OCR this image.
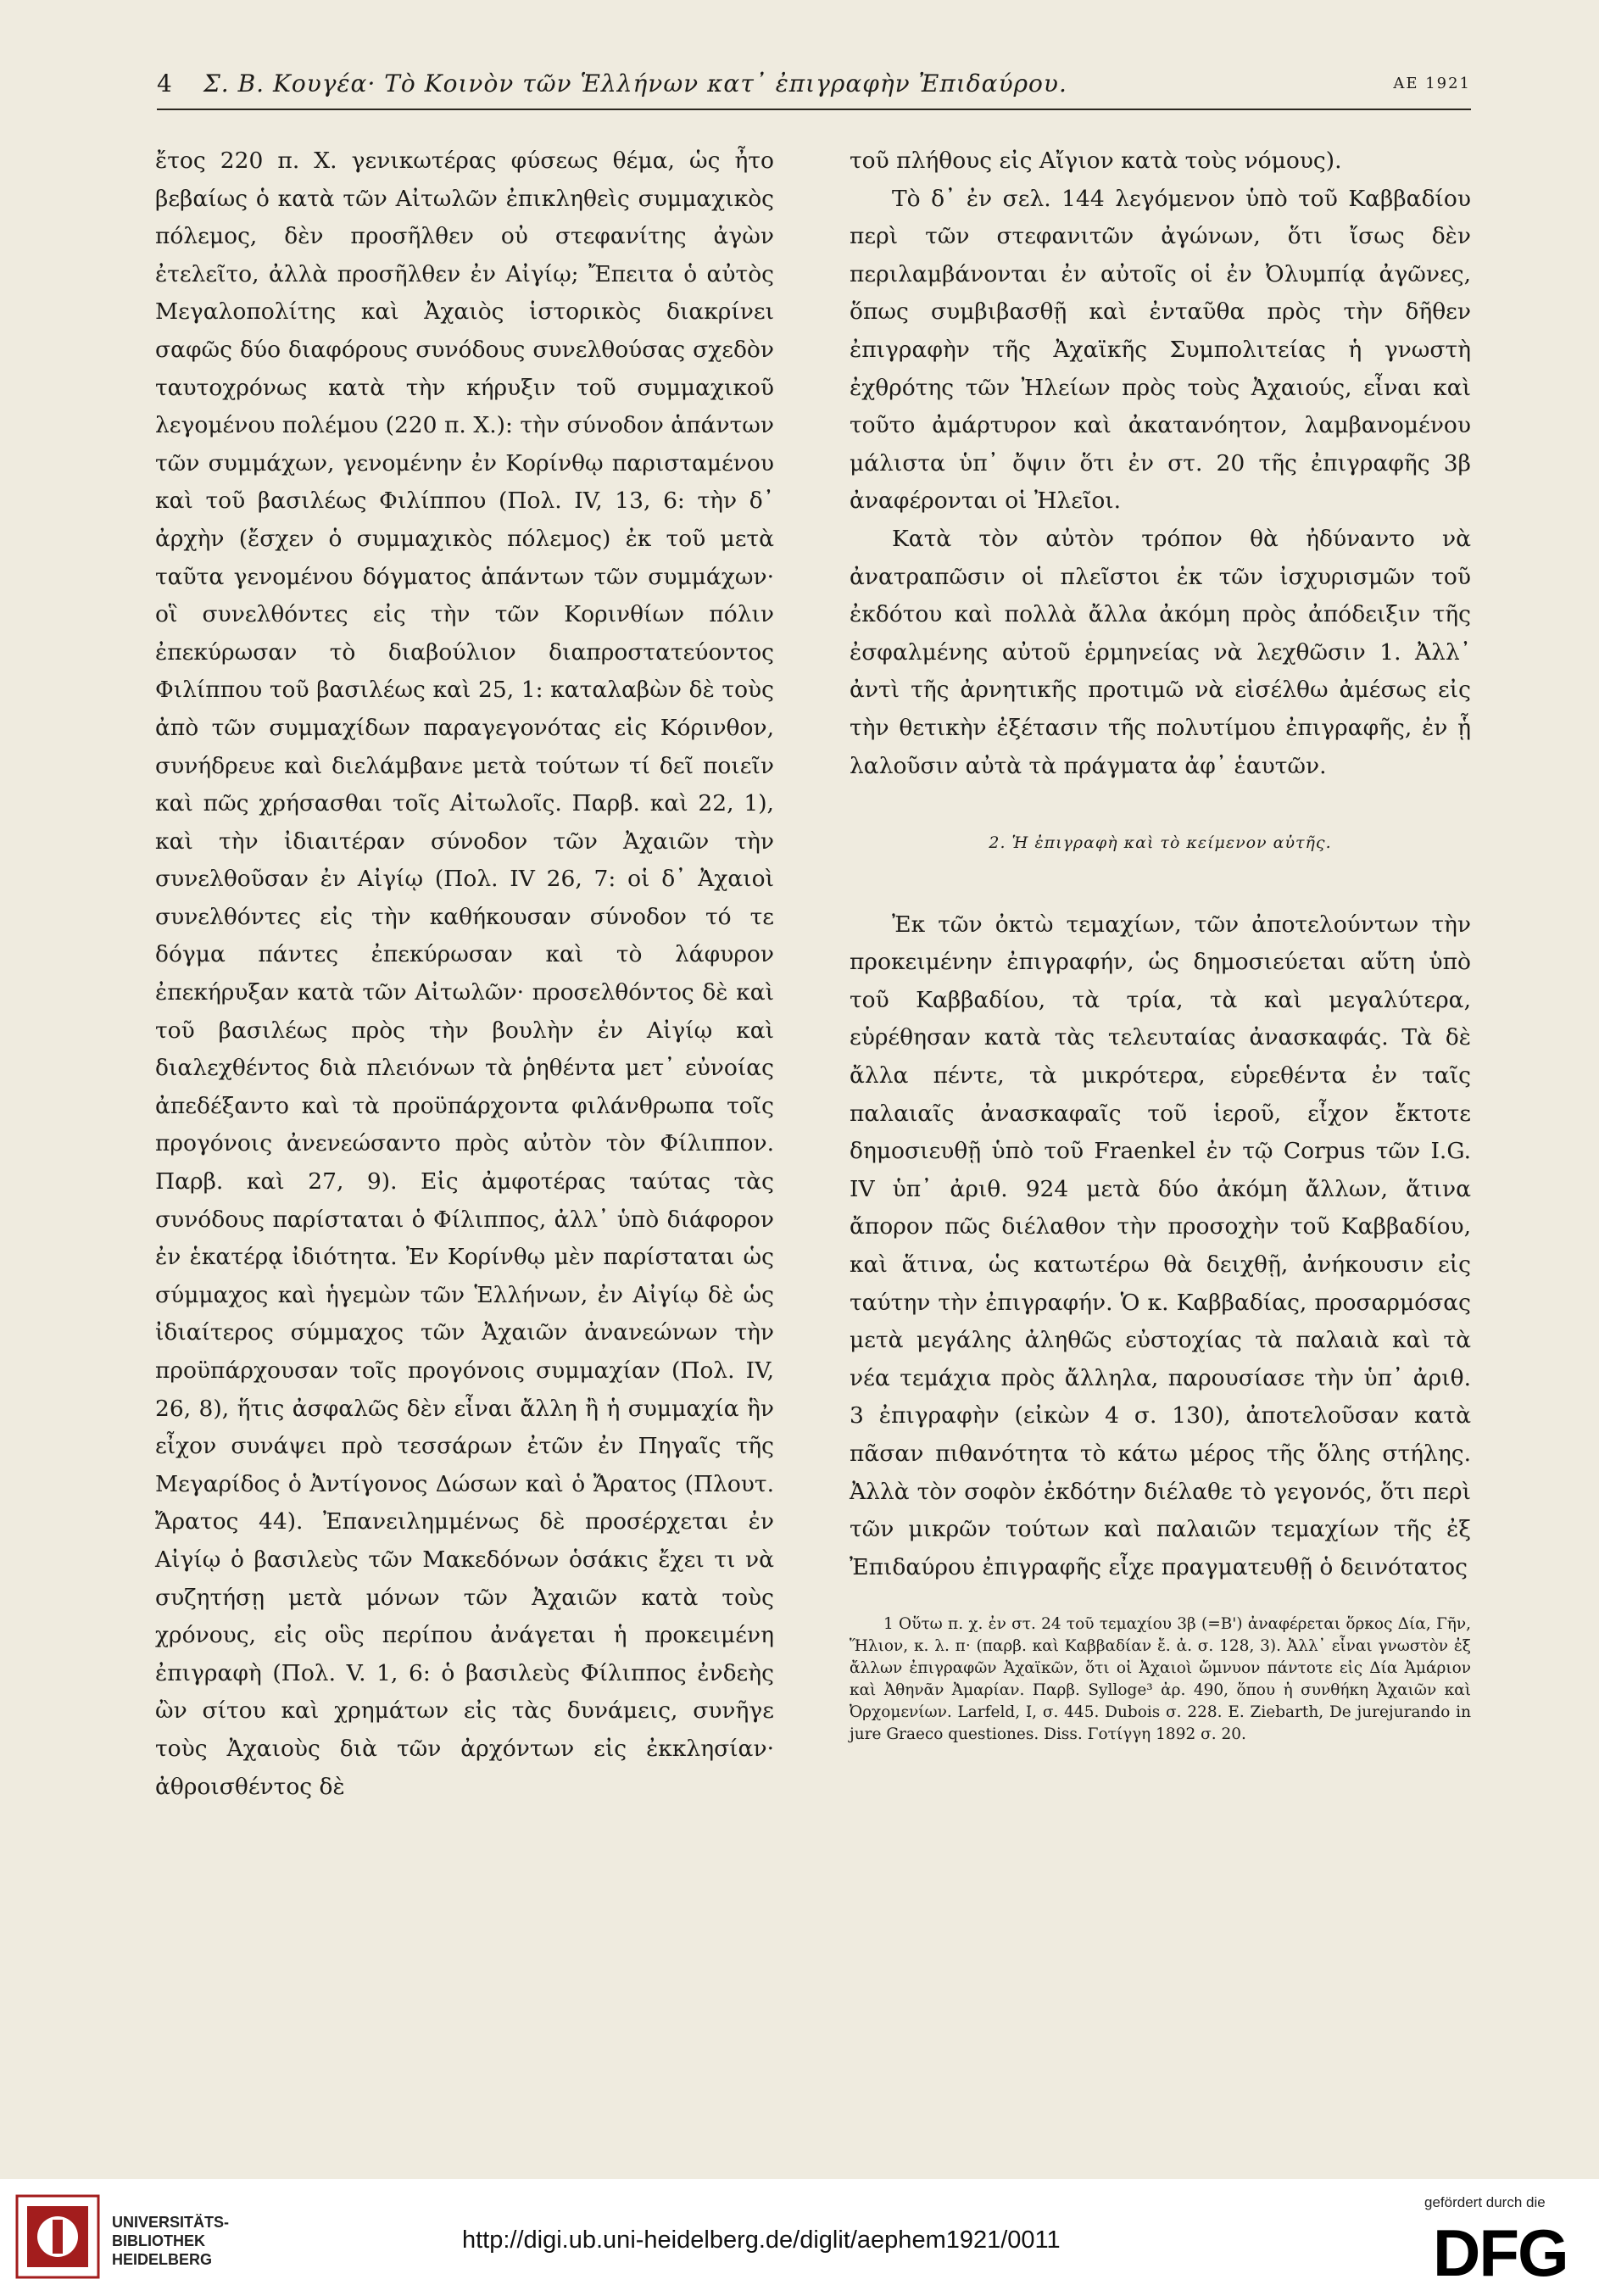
4 Σ. Β. Κουγέα· Τὸ Κοινὸν τῶν Ἑλλήνων κατ᾽ ἐπιγραφὴν Ἐπιδαύρου.	ΑΕ 1921

ἔτος 220 π. Χ. γενικωτέρας φύσεως θέμα, ὡς ἦτο βεβαίως ὁ κατὰ τῶν Αἰτωλῶν ἐπικληθεὶς συμμαχικὸς πόλεμος, δὲν προσῆλθεν οὐ στεφανίτης ἀγὼν ἐτελεῖτο, ἀλλὰ προσῆλθεν ἐν Αἰγίῳ; Ἔπειτα ὁ αὐτὸς Μεγαλοπολίτης καὶ Ἀχαιὸς ἱστορικὸς διακρίνει σαφῶς δύο διαφόρους συνόδους συνελθούσας σχεδὸν ταυτοχρόνως κατὰ τὴν κήρυξιν τοῦ συμμαχικοῦ λεγομένου πολέμου (220 π. Χ.): τὴν σύνοδον ἁπάντων τῶν συμμάχων, γενομένην ἐν Κορίνθῳ παρισταμένου καὶ τοῦ βασιλέως Φιλίππου (Πολ. IV, 13, 6: τὴν δ᾽ ἀρχὴν (ἔσχεν ὁ συμμαχικὸς πόλεμος) ἐκ τοῦ μετὰ ταῦτα γενομένου δόγματος ἁπάντων τῶν συμμάχων· οἳ συνελθόντες εἰς τὴν τῶν Κορινθίων πόλιν ἐπεκύρωσαν τὸ διαβούλιον διαπροστατεύοντος Φιλίππου τοῦ βασιλέως καὶ 25, 1: καταλαβὼν δὲ τοὺς ἀπὸ τῶν συμμαχίδων παραγεγονότας εἰς Κόρινθον, συνήδρευε καὶ διελάμβανε μετὰ τούτων τί δεῖ ποιεῖν καὶ πῶς χρήσασθαι τοῖς Αἰτωλοῖς. Παρβ. καὶ 22, 1), καὶ τὴν ἰδιαιτέραν σύνοδον τῶν Ἀχαιῶν τὴν συνελθοῦσαν ἐν Αἰγίῳ (Πολ. IV 26, 7: οἱ δ᾽ Ἀχαιοὶ συνελθόντες εἰς τὴν καθήκουσαν σύνοδον τό τε δόγμα πάντες ἐπεκύρωσαν καὶ τὸ λάφυρον ἐπεκήρυξαν κατὰ τῶν Αἰτωλῶν· προσελθόντος δὲ καὶ τοῦ βασιλέως πρὸς τὴν βουλὴν ἐν Αἰγίῳ καὶ διαλεχθέντος διὰ πλειόνων τὰ ῥηθέντα μετ᾽ εὐνοίας ἀπεδέξαντο καὶ τὰ προϋπάρχοντα φιλάνθρωπα τοῖς προγόνοις ἀνενεώσαντο πρὸς αὐτὸν τὸν Φίλιππον. Παρβ. καὶ 27, 9). Εἰς ἀμφοτέρας ταύτας τὰς συνόδους παρίσταται ὁ Φίλιππος, ἀλλ᾽ ὑπὸ διάφορον ἐν ἑκατέρᾳ ἰδιότητα. Ἐν Κορίνθῳ μὲν παρίσταται ὡς σύμμαχος καὶ ἡγεμὼν τῶν Ἑλλήνων, ἐν Αἰγίῳ δὲ ὡς ἰδιαίτερος σύμμαχος τῶν Ἀχαιῶν ἀνανεώνων τὴν προϋπάρχουσαν τοῖς προγόνοις συμμαχίαν (Πολ. IV, 26, 8), ἥτις ἀσφαλῶς δὲν εἶναι ἄλλη ἢ ἡ συμμαχία ἣν εἶχον συνάψει πρὸ τεσσάρων ἐτῶν ἐν Πηγαῖς τῆς Μεγαρίδος ὁ Ἀντίγονος Δώσων καὶ ὁ Ἄρατος (Πλουτ. Ἄρατος 44). Ἐπανειλημμένως δὲ προσέρχεται ἐν Αἰγίῳ ὁ βασιλεὺς τῶν Μακεδόνων ὁσάκις ἔχει τι νὰ συζητήσῃ μετὰ μόνων τῶν Ἀχαιῶν κατὰ τοὺς χρόνους, εἰς οὓς περίπου ἀνάγεται ἡ προκειμένη ἐπιγραφὴ (Πολ. V. 1, 6: ὁ βασιλεὺς Φίλιππος ἐνδεὴς ὢν σίτου καὶ χρημάτων εἰς τὰς δυνάμεις, συνῆγε τοὺς Ἀχαιοὺς διὰ τῶν ἀρχόντων εἰς ἐκκλησίαν· ἀθροισθέντος δὲ

τοῦ πλήθους εἰς Αἴγιον κατὰ τοὺς νόμους).

Τὸ δ᾽ ἐν σελ. 144 λεγόμενον ὑπὸ τοῦ Καββαδίου περὶ τῶν στεφανιτῶν ἀγώνων, ὅτι ἴσως δὲν περιλαμβάνονται ἐν αὐτοῖς οἱ ἐν Ὀλυμπίᾳ ἀγῶνες, ὅπως συμβιβασθῇ καὶ ἐνταῦθα πρὸς τὴν δῆθεν ἐπιγραφὴν τῆς Ἀχαϊκῆς Συμπολιτείας ἡ γνωστὴ ἐχθρότης τῶν Ἠλείων πρὸς τοὺς Ἀχαιούς, εἶναι καὶ τοῦτο ἀμάρτυρον καὶ ἀκατανόητον, λαμβανομένου μάλιστα ὑπ᾽ ὄψιν ὅτι ἐν στ. 20 τῆς ἐπιγραφῆς 3β ἀναφέρονται οἱ Ἠλεῖοι.

Κατὰ τὸν αὐτὸν τρόπον θὰ ἠδύναντο νὰ ἀνατραπῶσιν οἱ πλεῖστοι ἐκ τῶν ἰσχυρισμῶν τοῦ ἐκδότου καὶ πολλὰ ἄλλα ἀκόμη πρὸς ἀπόδειξιν τῆς ἐσφαλμένης αὐτοῦ ἑρμηνείας νὰ λεχθῶσιν 1. Ἀλλ᾽ ἀντὶ τῆς ἀρνητικῆς προτιμῶ νὰ εἰσέλθω ἀμέσως εἰς τὴν θετικὴν ἐξέτασιν τῆς πολυτίμου ἐπιγραφῆς, ἐν ᾗ λαλοῦσιν αὐτὰ τὰ πράγματα ἀφ᾽ ἑαυτῶν.

2. Ἡ ἐπιγραφὴ καὶ τὸ κείμενον αὐτῆς.

Ἐκ τῶν ὀκτὼ τεμαχίων, τῶν ἀποτελούντων τὴν προκειμένην ἐπιγραφήν, ὡς δημοσιεύεται αὕτη ὑπὸ τοῦ Καββαδίου, τὰ τρία, τὰ καὶ μεγαλύτερα, εὑρέθησαν κατὰ τὰς τελευταίας ἀνασκαφάς. Τὰ δὲ ἄλλα πέντε, τὰ μικρότερα, εὑρεθέντα ἐν ταῖς παλαιαῖς ἀνασκαφαῖς τοῦ ἱεροῦ, εἶχον ἔκτοτε δημοσιευθῇ ὑπὸ τοῦ Fraenkel ἐν τῷ Corpus τῶν I.G. IV ὑπ᾽ ἀριθ. 924 μετὰ δύο ἀκόμη ἄλλων, ἅτινα ἄπορον πῶς διέλαθον τὴν προσοχὴν τοῦ Καββαδίου, καὶ ἅτινα, ὡς κατωτέρω θὰ δειχθῇ, ἀνήκουσιν εἰς ταύτην τὴν ἐπιγραφήν. Ὁ κ. Καββαδίας, προσαρμόσας μετὰ μεγάλης ἀληθῶς εὐστοχίας τὰ παλαιὰ καὶ τὰ νέα τεμάχια πρὸς ἄλληλα, παρουσίασε τὴν ὑπ᾽ ἀριθ. 3 ἐπιγραφὴν (εἰκὼν 4 σ. 130), ἀποτελοῦσαν κατὰ πᾶσαν πιθανότητα τὸ κάτω μέρος τῆς ὅλης στήλης. Ἀλλὰ τὸν σοφὸν ἐκδότην διέλαθε τὸ γεγονός, ὅτι περὶ τῶν μικρῶν τούτων καὶ παλαιῶν τεμαχίων τῆς ἐξ Ἐπιδαύρου ἐπιγραφῆς εἶχε πραγματευθῇ ὁ δεινότατος

1 Οὕτω π. χ. ἐν στ. 24 τοῦ τεμαχίου 3β (=Β') ἀναφέρεται ὅρκος Δία, Γῆν, Ἥλιον, κ. λ. π· (παρβ. καὶ Καββαδίαν ἔ. ἀ. σ. 128, 3). Ἀλλ᾽ εἶναι γνωστὸν ἐξ ἄλλων ἐπιγραφῶν Ἀχαϊκῶν, ὅτι οἱ Ἀχαιοὶ ὤμνυον πάντοτε εἰς Δία Ἀμάριον καὶ Ἀθηνᾶν Ἀμαρίαν. Παρβ. Sylloge³ ἀρ. 490, ὅπου ἡ συνθήκη Ἀχαιῶν καὶ Ὀρχομενίων. Larfeld, I, σ. 445. Dubois σ. 228. E. Ziebarth, De jurejurando in jure Graeco questiones. Diss. Γοτίγγη 1892 σ. 20.

UNIVERSITÄTS-
BIBLIOTHEK
HEIDELBERG
http://digi.ub.uni-heidelberg.de/diglit/aephem1921/0011
gefördert durch die
DFG
